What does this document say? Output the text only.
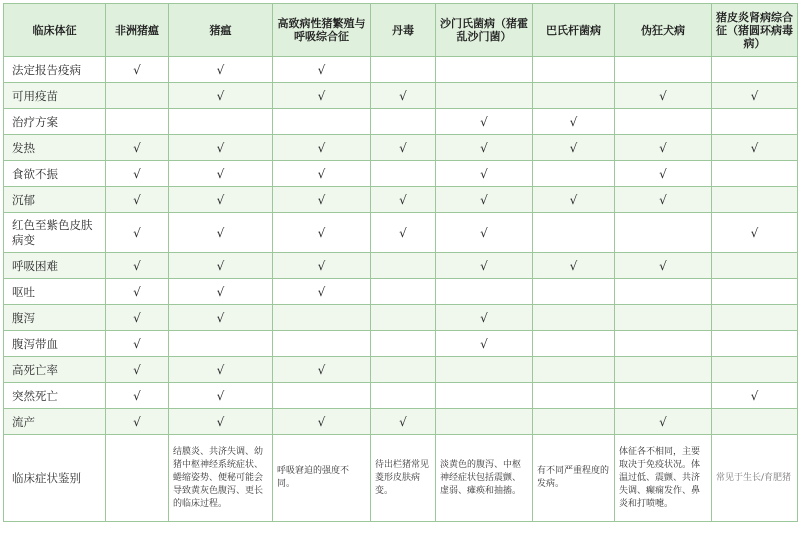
临床体征	非洲猪瘟	猪瘟	高致病性猪繁殖与呼吸综合征	丹毒	沙门氏菌病（猪霍乱沙门菌）	巴氏杆菌病	伪狂犬病	猪皮炎肾病综合征（猪圆环病毒病）
法定报告疫病	√	√	√					
可用疫苗		√	√	√			√	√
治疗方案					√	√		
发热	√	√	√	√	√	√	√	√
食欲不振	√	√	√		√		√	
沉郁	√	√	√	√	√	√	√	
红色至紫色皮肤病变	√	√	√	√	√			√
呼吸困难	√	√	√		√	√	√	
呕吐	√	√	√					
腹泻	√	√			√			
腹泻带血	√				√			
高死亡率	√	√	√					
突然死亡	√	√						√
流产	√	√	√	√			√	
临床症状鉴别		结膜炎、共济失调、幼猪中枢神经系统症状、蜷缩姿势、便秘可能会导致黄灰色腹泻、更长的临床过程。	呼吸窘迫的强度不同。	待出栏猪常见菱形皮肤病变。	淡黄色的腹泻、中枢神经症状包括震颤、虚弱、瘫痪和抽搐。	有不同严重程度的发病。	体征各不相同，主要取决于免疫状况。体温过低、震颤、共济失调、癫痫发作、鼻炎和打喷嚏。	常见于生长/育肥猪
